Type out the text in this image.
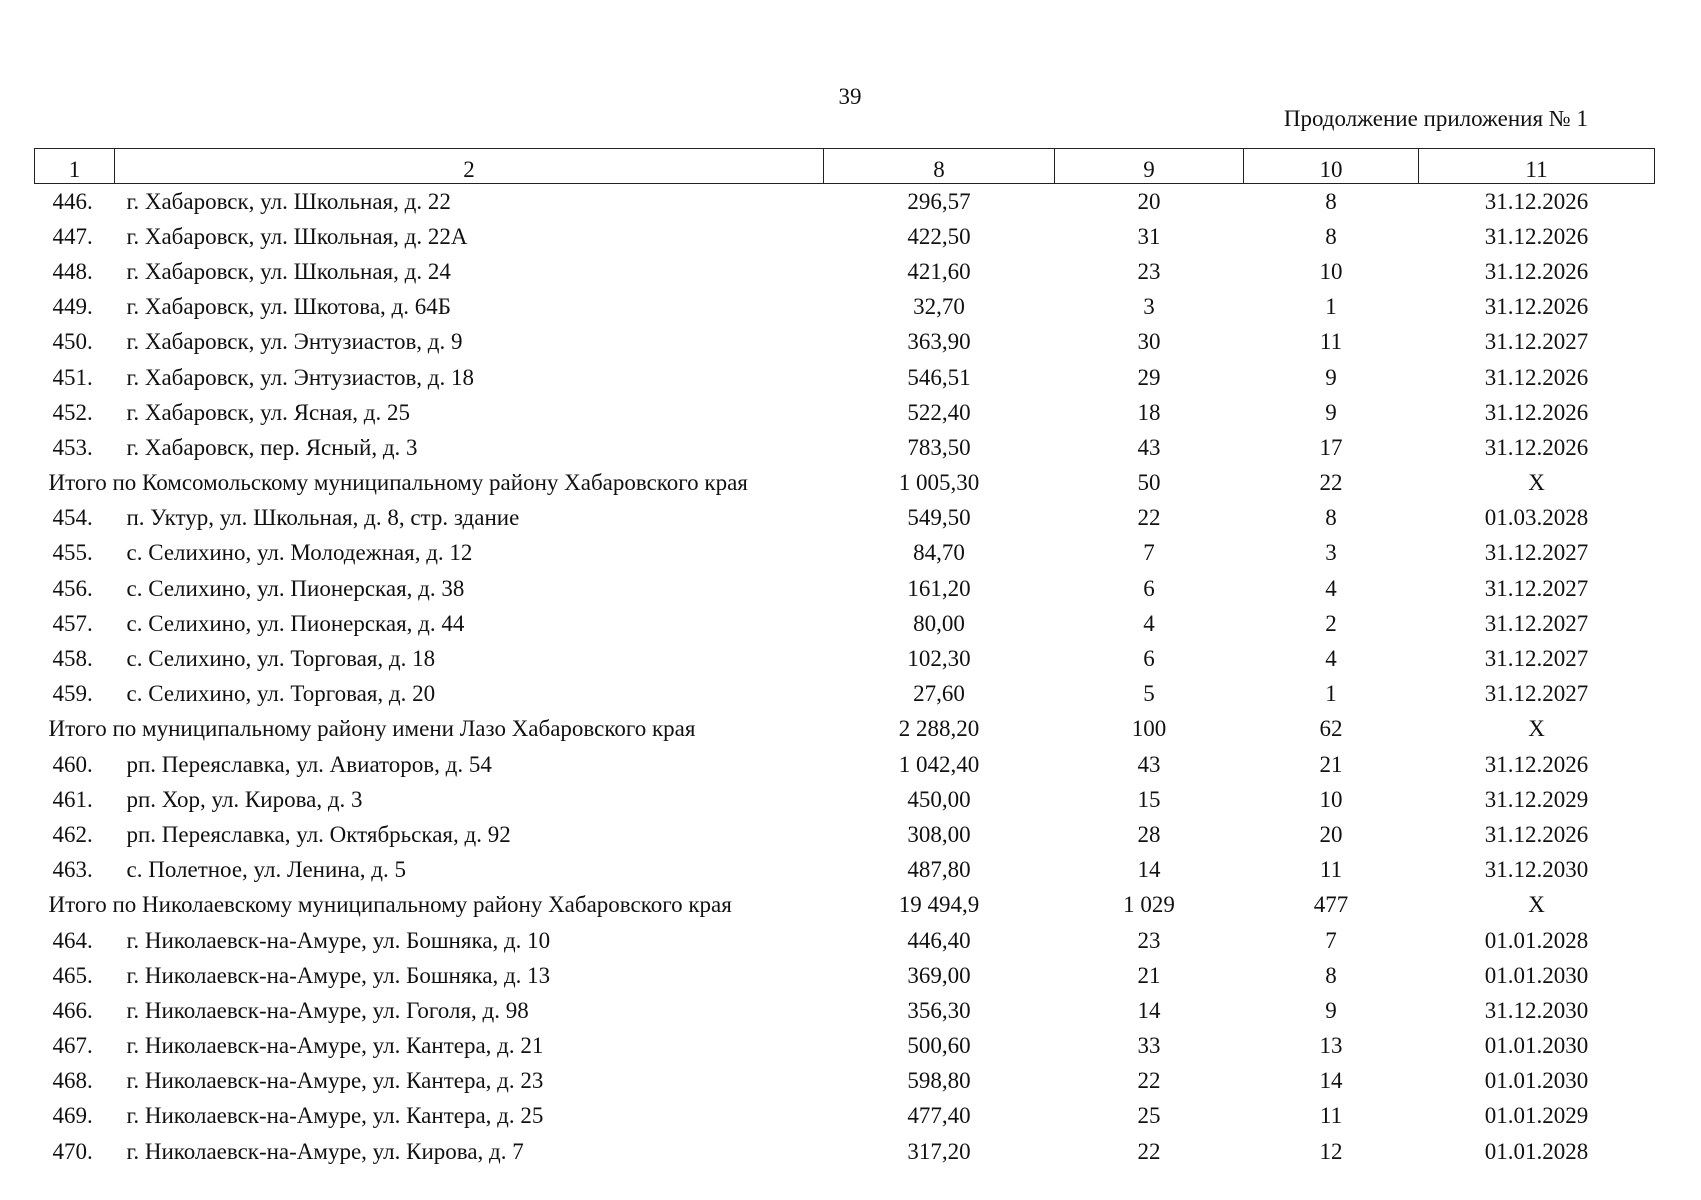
39
Продолжение приложения № 1
1	2	8	9	10	11
446.	г. Хабаровск, ул. Школьная, д. 22	296,57	20	8	31.12.2026
447.	г. Хабаровск, ул. Школьная, д. 22А	422,50	31	8	31.12.2026
448.	г. Хабаровск, ул. Школьная, д. 24	421,60	23	10	31.12.2026
449.	г. Хабаровск, ул. Шкотова, д. 64Б	32,70	3	1	31.12.2026
450.	г. Хабаровск, ул. Энтузиастов, д. 9	363,90	30	11	31.12.2027
451.	г. Хабаровск, ул. Энтузиастов, д. 18	546,51	29	9	31.12.2026
452.	г. Хабаровск, ул. Ясная, д. 25	522,40	18	9	31.12.2026
453.	г. Хабаровск, пер. Ясный, д. 3	783,50	43	17	31.12.2026
Итого по Комсомольскому муниципальному району Хабаровского края		1 005,30	50	22	X
454.	п. Уктур, ул. Школьная, д. 8, стр. здание	549,50	22	8	01.03.2028
455.	с. Селихино, ул. Молодежная, д. 12	84,70	7	3	31.12.2027
456.	с. Селихино, ул. Пионерская, д. 38	161,20	6	4	31.12.2027
457.	с. Селихино, ул. Пионерская, д. 44	80,00	4	2	31.12.2027
458.	с. Селихино, ул. Торговая, д. 18	102,30	6	4	31.12.2027
459.	с. Селихино, ул. Торговая, д. 20	27,60	5	1	31.12.2027
Итого по муниципальному району имени Лазо Хабаровского края		2 288,20	100	62	X
460.	рп. Переяславка, ул. Авиаторов, д. 54	1 042,40	43	21	31.12.2026
461.	рп. Хор, ул. Кирова, д. 3	450,00	15	10	31.12.2029
462.	рп. Переяславка, ул. Октябрьская, д. 92	308,00	28	20	31.12.2026
463.	с. Полетное, ул. Ленина, д. 5	487,80	14	11	31.12.2030
Итого по Николаевскому муниципальному району Хабаровского края		19 494,9	1 029	477	X
464.	г. Николаевск-на-Амуре, ул. Бошняка, д. 10	446,40	23	7	01.01.2028
465.	г. Николаевск-на-Амуре, ул. Бошняка, д. 13	369,00	21	8	01.01.2030
466.	г. Николаевск-на-Амуре, ул. Гоголя, д. 98	356,30	14	9	31.12.2030
467.	г. Николаевск-на-Амуре, ул. Кантера, д. 21	500,60	33	13	01.01.2030
468.	г. Николаевск-на-Амуре, ул. Кантера, д. 23	598,80	22	14	01.01.2030
469.	г. Николаевск-на-Амуре, ул. Кантера, д. 25	477,40	25	11	01.01.2029
470.	г. Николаевск-на-Амуре, ул. Кирова, д. 7	317,20	22	12	01.01.2028
